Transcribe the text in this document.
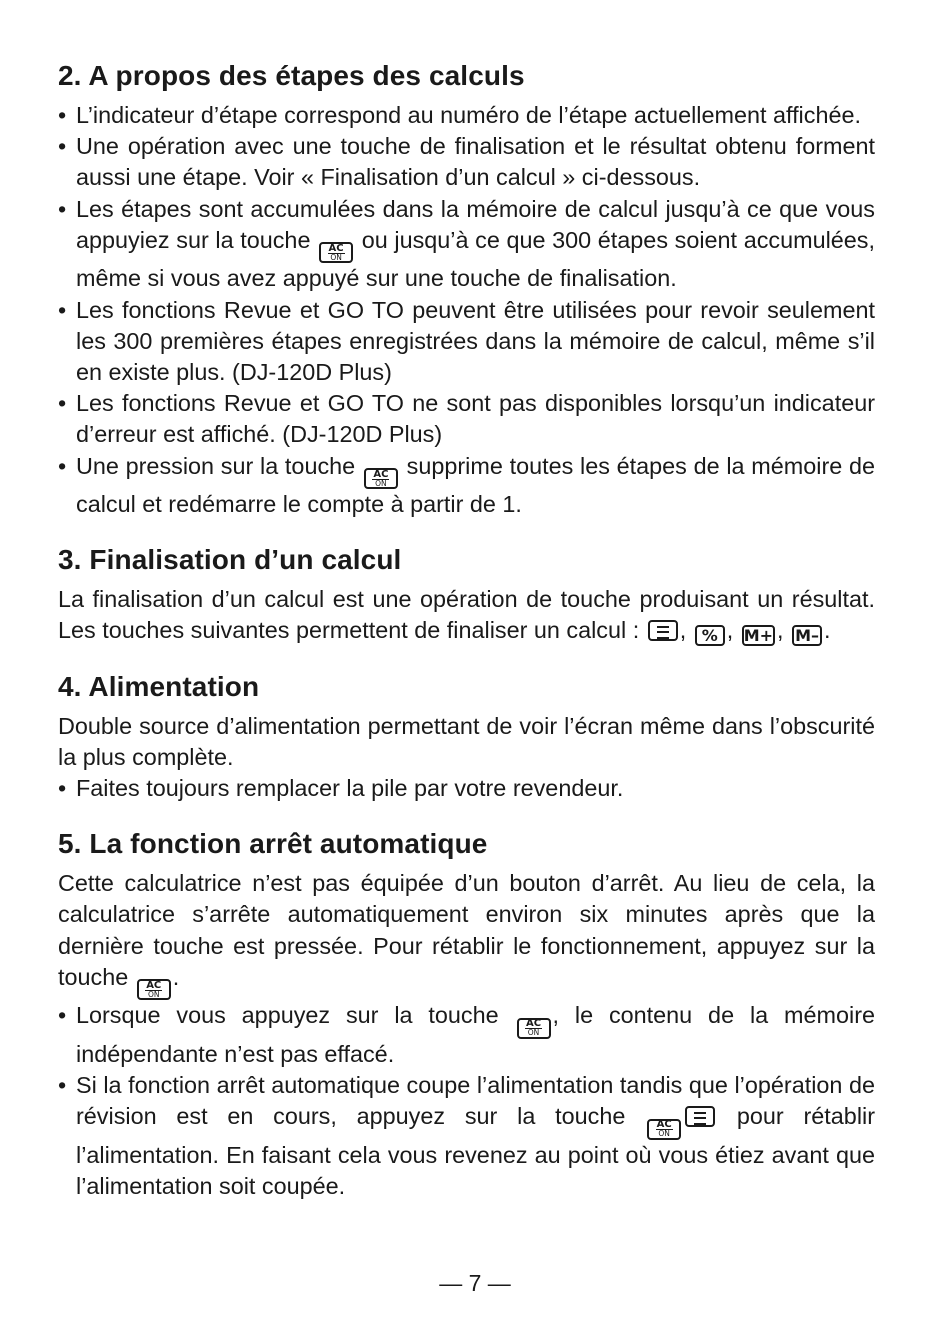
2. A propos des étapes des calculs
• L’indicateur d’étape correspond au numéro de l’étape actuellement affichée.
• Une opération avec une touche de finalisation et le résultat obtenu forment aussi une étape. Voir « Finalisation d’un calcul » ci-dessous.
• Les étapes sont accumulées dans la mémoire de calcul jusqu’à ce que vous appuyiez sur la touche AC
ON
ou jusqu’à ce que 300 étapes soient accumulées, même si vous avez appuyé sur une touche de finalisation.
• Les fonctions Revue et GO TO peuvent être utilisées pour revoir seulement les 300 premières étapes enregistrées dans la mémoire de calcul, même s’il en existe plus. (DJ-120D Plus)
• Les fonctions Revue et GO TO ne sont pas disponibles lorsqu’un indicateur d’erreur est affiché. (DJ-120D Plus)
• Une pression sur la touche AC
ON
supprime toutes les étapes de la mémoire de calcul et redémarre le compte à partir de 1.
3. Finalisation d’un calcul

La finalisation d’un calcul est une opération de touche produisant un résultat. Les touches suivantes permettent de finaliser un calcul : , % , M+ , M– .

4. Alimentation

Double source d’alimentation permettant de voir l’écran même dans l’obscurité la plus complète.

• Faites toujours remplacer la pile par votre revendeur.
5. La fonction arrêt automatique

Cette calculatrice n’est pas équipée d’un bouton d’arrêt. Au lieu de cela, la calculatrice s’arrête automatiquement environ six minutes après que la dernière touche est pressée. Pour rétablir le fonctionnement, appuyez sur la touche AC
ON
.

• Lorsque vous appuyez sur la touche	AC
ON
, le contenu de la mémoire indépendante n’est pas effacé.
• Si la fonction arrêt automatique coupe l’alimentation tandis que l’opération de révision est en cours, appuyez sur la touche	AC
ON
pour rétablir l’alimentation. En faisant cela vous revenez au point où vous étiez avant que l’alimentation soit coupée.
— 7 —
